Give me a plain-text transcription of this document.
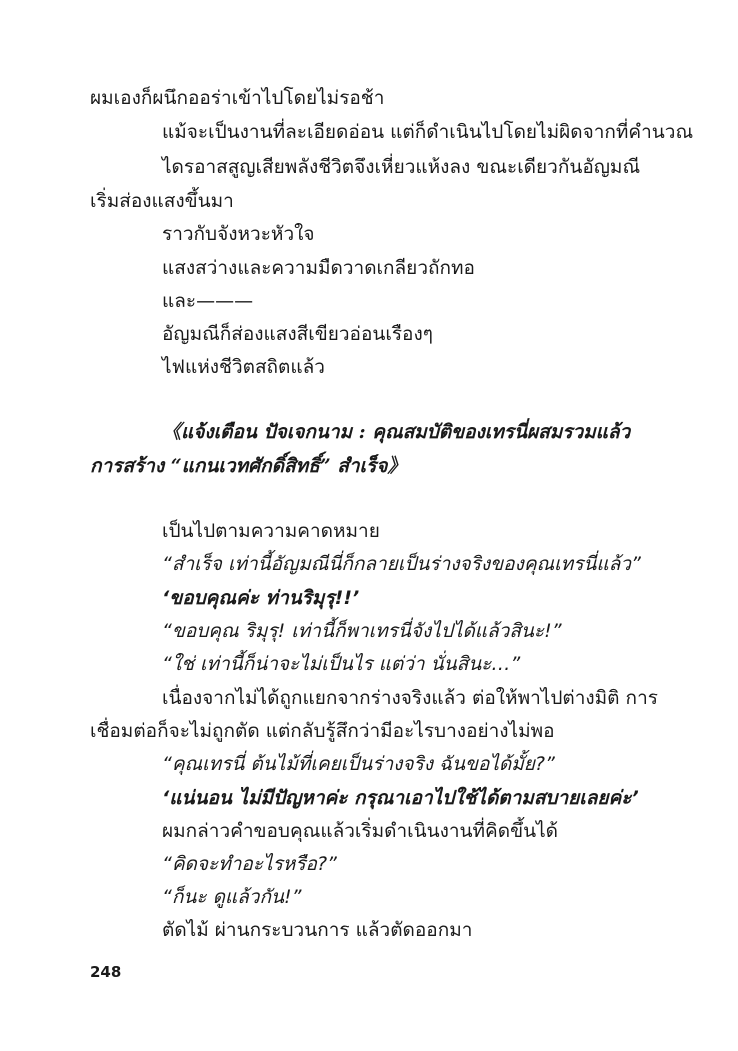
ผมเองก็ผนึกออร่าเข้าไปโดยไม่รอช้า
แม้จะเป็นงานที่ละเอียดอ่อน แต่ก็ดำเนินไปโดยไม่ผิดจากที่คำนวณ
ไดรอาสสูญเสียพลังชีวิตจึงเหี่ยวแห้งลง ขณะเดียวกันอัญมณี
เริ่มส่องแสงขึ้นมา
ราวกับจังหวะหัวใจ
แสงสว่างและความมืดวาดเกลียวถักทอ
และ———
อัญมณีก็ส่องแสงสีเขียวอ่อนเรืองๆ
ไฟแห่งชีวิตสถิตแล้ว
《แจ้งเตือน ปัจเจกนาม : คุณสมบัติของเทรนี่ผสมรวมแล้ว
การสร้าง “แกนเวทศักดิ์สิทธิ์” สำเร็จ》
เป็นไปตามความคาดหมาย
“สำเร็จ เท่านี้อัญมณีนี่ก็กลายเป็นร่างจริงของคุณเทรนี่แล้ว”
‘ขอบคุณค่ะ ท่านริมุรุ!!’
“ขอบคุณ ริมุรุ! เท่านี้ก็พาเทรนี่จังไปได้แล้วสินะ!”
“ใช่ เท่านี้ก็น่าจะไม่เป็นไร แต่ว่า นั่นสินะ…”
เนื่องจากไม่ได้ถูกแยกจากร่างจริงแล้ว ต่อให้พาไปต่างมิติ การ
เชื่อมต่อก็จะไม่ถูกตัด แต่กลับรู้สึกว่ามีอะไรบางอย่างไม่พอ
“คุณเทรนี่ ต้นไม้ที่เคยเป็นร่างจริง ฉันขอได้มั้ย?”
‘แน่นอน ไม่มีปัญหาค่ะ กรุณาเอาไปใช้ได้ตามสบายเลยค่ะ’
ผมกล่าวคำขอบคุณแล้วเริ่มดำเนินงานที่คิดขึ้นได้
“คิดจะทำอะไรหรือ?”
“ก็นะ ดูแล้วกัน!”
ตัดไม้ ผ่านกระบวนการ แล้วตัดออกมา
248
